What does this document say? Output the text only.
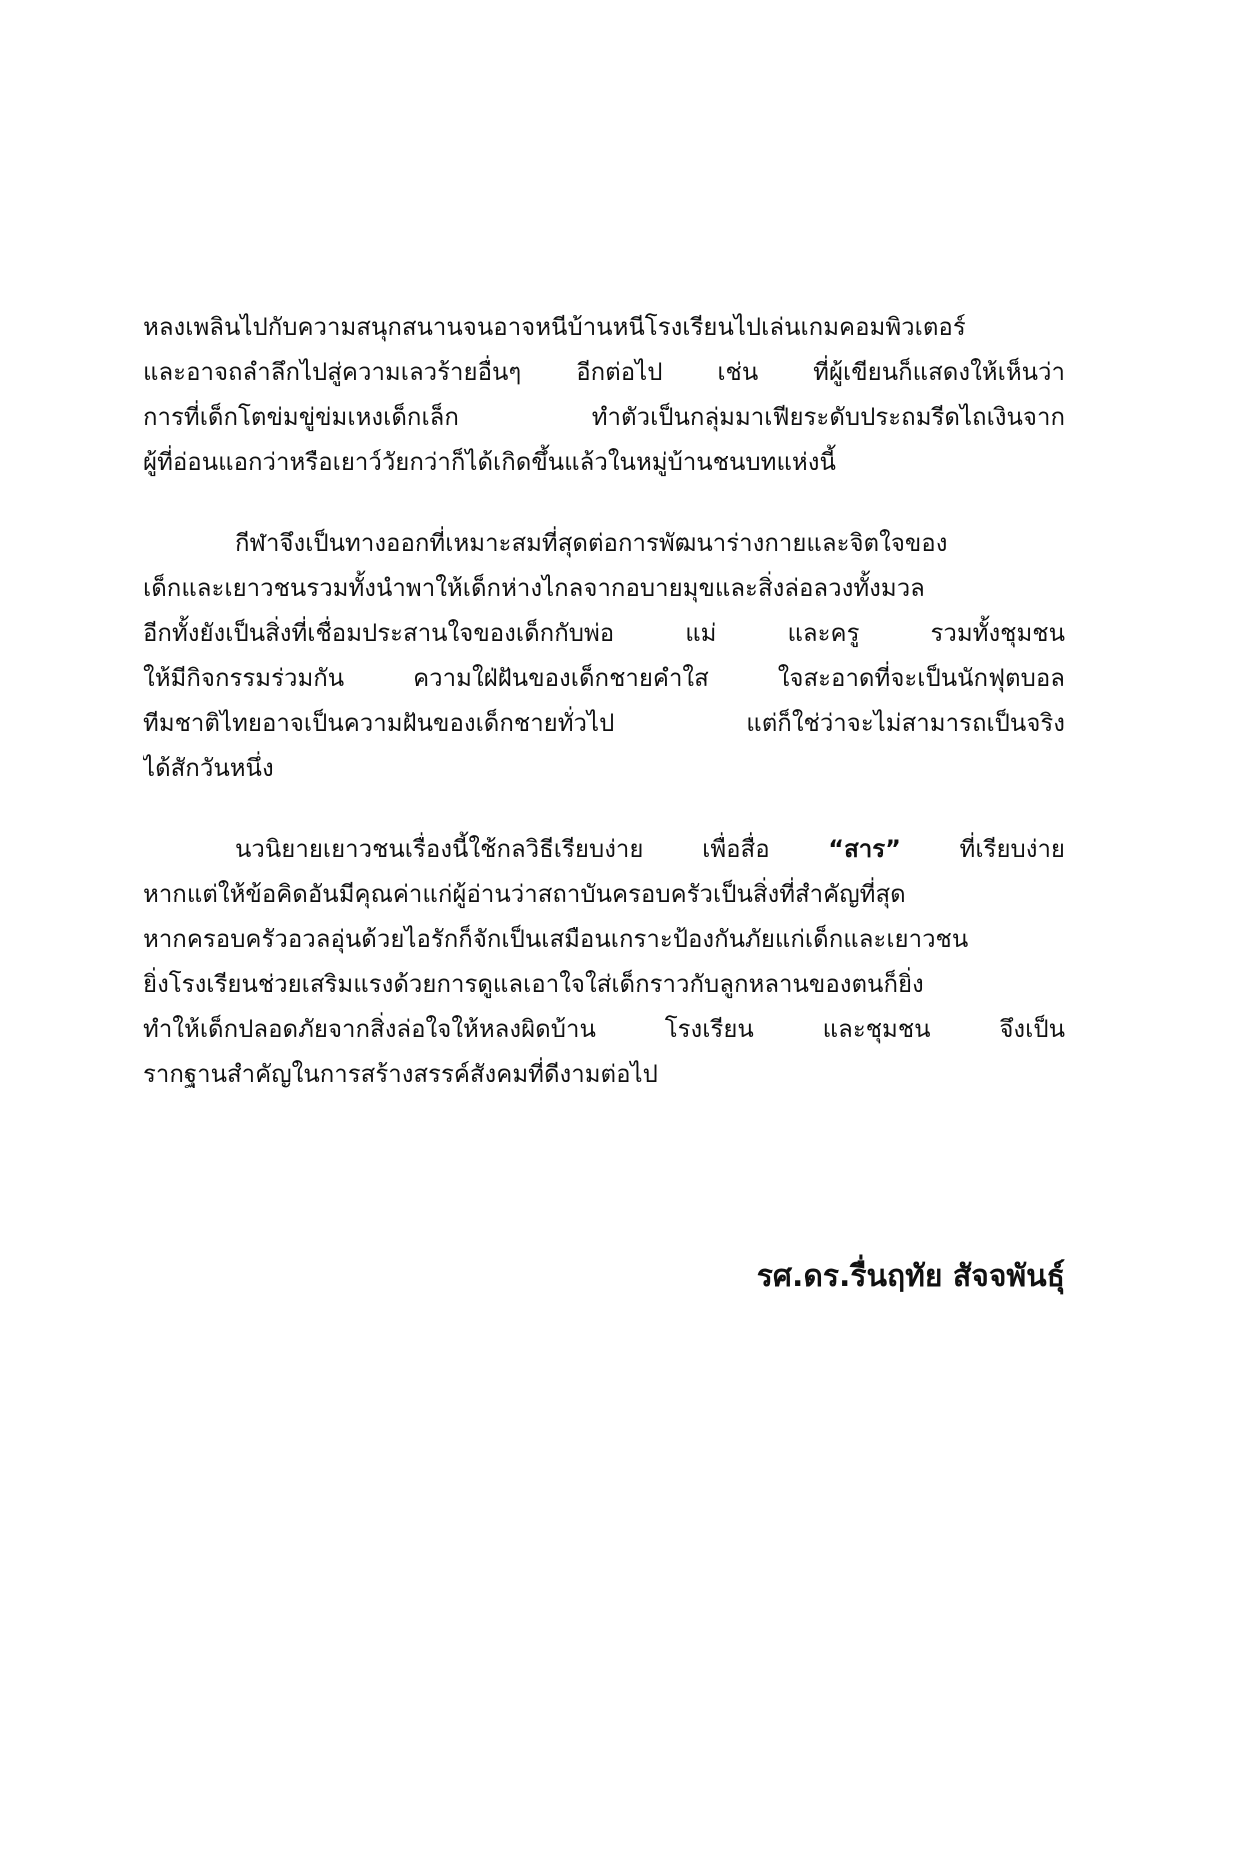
หลงเพลินไปกับความสนุกสนานจนอาจหนีบ้านหนีโรงเรียนไปเล่นเกมคอมพิวเตอร์
และอาจถลำลึกไปสู่ความเลวร้ายอื่นๆ อีกต่อไป เช่น ที่ผู้เขียนก็แสดงให้เห็นว่า
การที่เด็กโตข่มขู่ข่มเหงเด็กเล็ก ทำตัวเป็นกลุ่มมาเฟียระดับประถมรีดไถเงินจาก
ผู้ที่อ่อนแอกว่าหรือเยาว์วัยกว่าก็ได้เกิดขึ้นแล้วในหมู่บ้านชนบทแห่งนี้
กีฬาจึงเป็นทางออกที่เหมาะสมที่สุดต่อการพัฒนาร่างกายและจิตใจของ
เด็กและเยาวชนรวมทั้งนำพาให้เด็กห่างไกลจากอบายมุขและสิ่งล่อลวงทั้งมวล
อีกทั้งยังเป็นสิ่งที่เชื่อมประสานใจของเด็กกับพ่อ แม่ และครู รวมทั้งชุมชน
ให้มีกิจกรรมร่วมกัน ความใฝ่ฝันของเด็กชายคำใส ใจสะอาดที่จะเป็นนักฟุตบอล
ทีมชาติไทยอาจเป็นความฝันของเด็กชายทั่วไป แต่ก็ใช่ว่าจะไม่สามารถเป็นจริง
ได้สักวันหนึ่ง
นวนิยายเยาวชนเรื่องนี้ใช้กลวิธีเรียบง่าย เพื่อสื่อ “สาร” ที่เรียบง่าย
หากแต่ให้ข้อคิดอันมีคุณค่าแก่ผู้อ่านว่าสถาบันครอบครัวเป็นสิ่งที่สำคัญที่สุด
หากครอบครัวอวลอุ่นด้วยไอรักก็จักเป็นเสมือนเกราะป้องกันภัยแก่เด็กและเยาวชน
ยิ่งโรงเรียนช่วยเสริมแรงด้วยการดูแลเอาใจใส่เด็กราวกับลูกหลานของตนก็ยิ่ง
ทำให้เด็กปลอดภัยจากสิ่งล่อใจให้หลงผิดบ้าน โรงเรียน และชุมชน จึงเป็น
รากฐานสำคัญในการสร้างสรรค์สังคมที่ดีงามต่อไป
รศ.ดร.รื่นฤทัย สัจจพันธุ์
